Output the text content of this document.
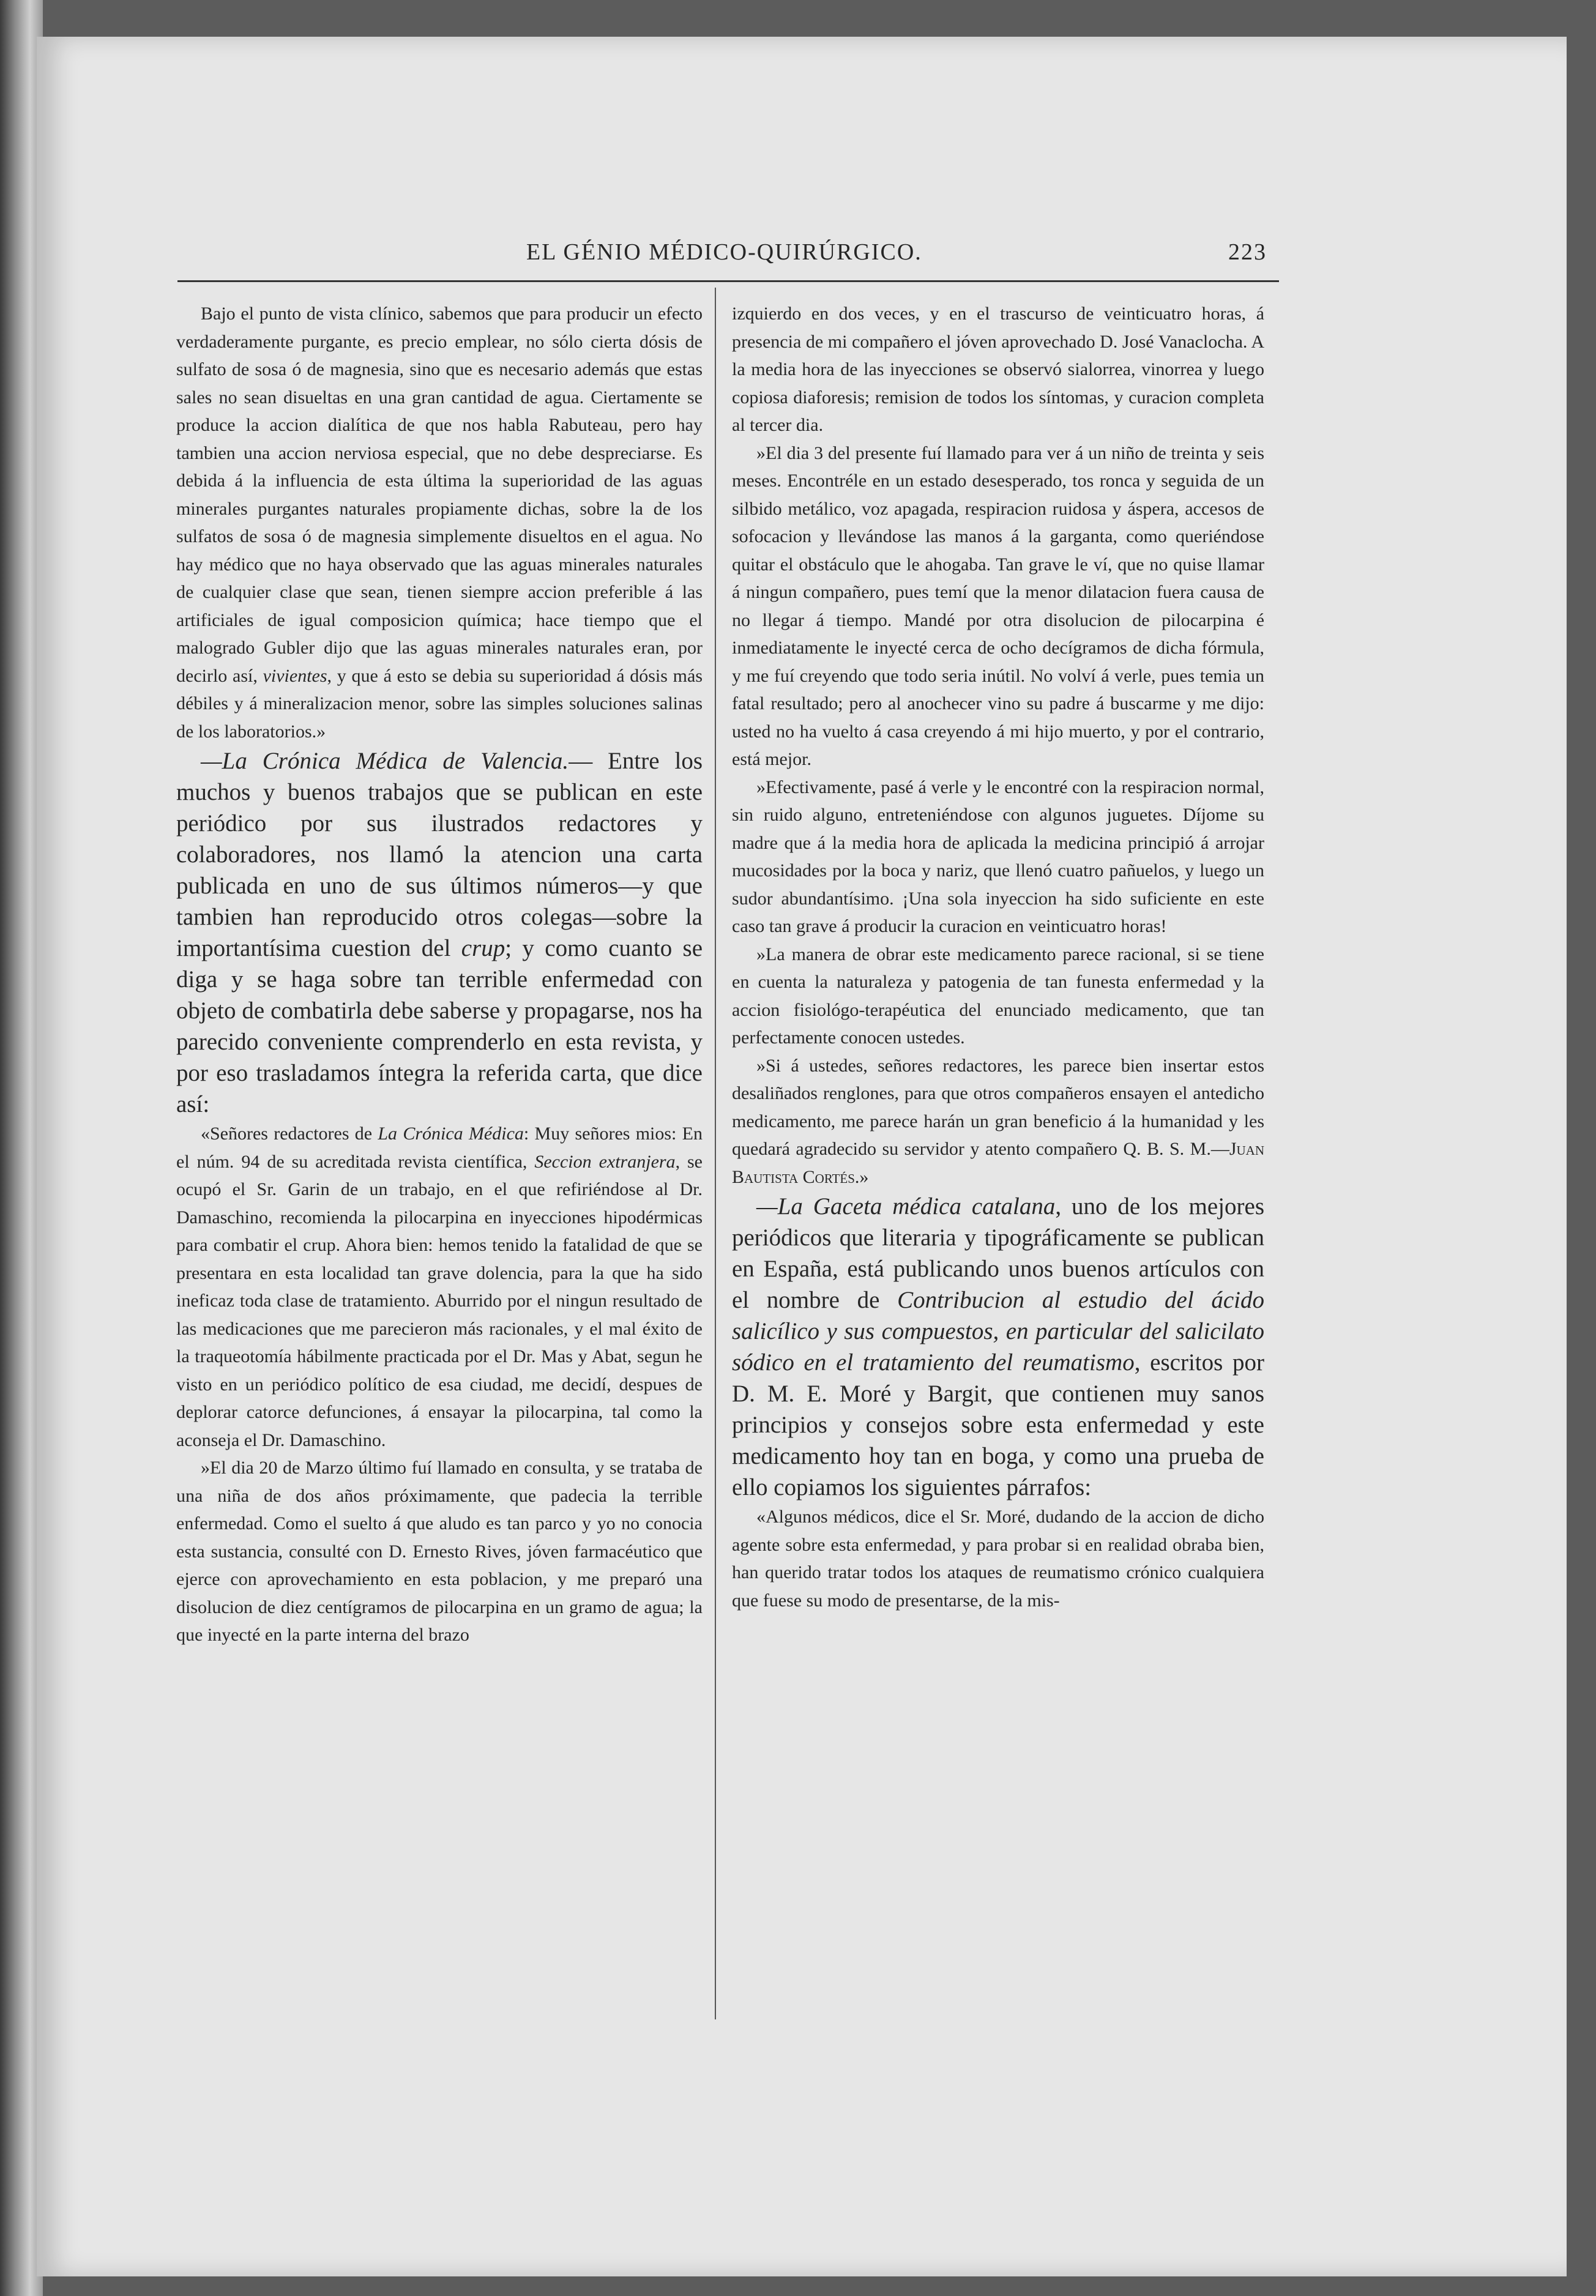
EL GÉNIO MÉDICO-QUIRÚRGICO.	223

Bajo el punto de vista clínico, sabemos que para producir un efecto verdaderamente purgante, es precio emplear, no sólo cierta dósis de sulfato de sosa ó de magnesia, sino que es necesario además que estas sales no sean disueltas en una gran cantidad de agua. Ciertamente se produce la accion dialítica de que nos habla Rabuteau, pero hay tambien una accion nerviosa especial, que no debe despreciarse. Es debida á la influencia de esta última la superioridad de las aguas minerales purgantes naturales propiamente dichas, sobre la de los sulfatos de sosa ó de magnesia simplemente disueltos en el agua. No hay médico que no haya observado que las aguas minerales naturales de cualquier clase que sean, tienen siempre accion preferible á las artificiales de igual composicion química; hace tiempo que el malogrado Gubler dijo que las aguas minerales naturales eran, por decirlo así, vivientes, y que á esto se debia su superioridad á dósis más débiles y á mineralizacion menor, sobre las simples soluciones salinas de los laboratorios.»

—La Crónica Médica de Valencia.— Entre los muchos y buenos trabajos que se publican en este periódico por sus ilustrados redactores y colaboradores, nos llamó la atencion una carta publicada en uno de sus últimos números—y que tambien han reproducido otros colegas—sobre la importantísima cuestion del crup; y como cuanto se diga y se haga sobre tan terrible enfermedad con objeto de combatirla debe saberse y propagarse, nos ha parecido conveniente comprenderlo en esta revista, y por eso trasladamos íntegra la referida carta, que dice así:

«Señores redactores de La Crónica Médica: Muy señores mios: En el núm. 94 de su acreditada revista científica, Seccion extranjera, se ocupó el Sr. Garin de un trabajo, en el que refiriéndose al Dr. Damaschino, recomienda la pilocarpina en inyecciones hipodérmicas para combatir el crup. Ahora bien: hemos tenido la fatalidad de que se presentara en esta localidad tan grave dolencia, para la que ha sido ineficaz toda clase de tratamiento. Aburrido por el ningun resultado de las medicaciones que me parecieron más racionales, y el mal éxito de la traqueotomía hábilmente practicada por el Dr. Mas y Abat, segun he visto en un periódico político de esa ciudad, me decidí, despues de deplorar catorce defunciones, á ensayar la pilocarpina, tal como la aconseja el Dr. Damaschino.

»El dia 20 de Marzo último fuí llamado en consulta, y se trataba de una niña de dos años próximamente, que padecia la terrible enfermedad. Como el suelto á que aludo es tan parco y yo no conocia esta sustancia, consulté con D. Ernesto Rives, jóven farmacéutico que ejerce con aprovechamiento en esta poblacion, y me preparó una disolucion de diez centígramos de pilocarpina en un gramo de agua; la que inyecté en la parte interna del brazo

izquierdo en dos veces, y en el trascurso de veinticuatro horas, á presencia de mi compañero el jóven aprovechado D. José Vanaclocha. A la media hora de las inyecciones se observó sialorrea, vinorrea y luego copiosa diaforesis; remision de todos los síntomas, y curacion completa al tercer dia.

»El dia 3 del presente fuí llamado para ver á un niño de treinta y seis meses. Encontréle en un estado desesperado, tos ronca y seguida de un silbido metálico, voz apagada, respiracion ruidosa y áspera, accesos de sofocacion y llevándose las manos á la garganta, como queriéndose quitar el obstáculo que le ahogaba. Tan grave le ví, que no quise llamar á ningun compañero, pues temí que la menor dilatacion fuera causa de no llegar á tiempo. Mandé por otra disolucion de pilocarpina é inmediatamente le inyecté cerca de ocho decígramos de dicha fórmula, y me fuí creyendo que todo seria inútil. No volví á verle, pues temia un fatal resultado; pero al anochecer vino su padre á buscarme y me dijo: usted no ha vuelto á casa creyendo á mi hijo muerto, y por el contrario, está mejor.

»Efectivamente, pasé á verle y le encontré con la respiracion normal, sin ruido alguno, entreteniéndose con algunos juguetes. Díjome su madre que á la media hora de aplicada la medicina principió á arrojar mucosidades por la boca y nariz, que llenó cuatro pañuelos, y luego un sudor abundantísimo. ¡Una sola inyeccion ha sido suficiente en este caso tan grave á producir la curacion en veinticuatro horas!

»La manera de obrar este medicamento parece racional, si se tiene en cuenta la naturaleza y patogenia de tan funesta enfermedad y la accion fisiológo-terapéutica del enunciado medicamento, que tan perfectamente conocen ustedes.

»Si á ustedes, señores redactores, les parece bien insertar estos desaliñados renglones, para que otros compañeros ensayen el antedicho medicamento, me parece harán un gran beneficio á la humanidad y les quedará agradecido su servidor y atento compañero Q. B. S. M.—Juan Bautista Cortés.»

—La Gaceta médica catalana, uno de los mejores periódicos que literaria y tipográficamente se publican en España, está publicando unos buenos artículos con el nombre de Contribucion al estudio del ácido salicílico y sus compuestos, en particular del salicilato sódico en el tratamiento del reumatismo, escritos por D. M. E. Moré y Bargit, que contienen muy sanos principios y consejos sobre esta enfermedad y este medicamento hoy tan en boga, y como una prueba de ello copiamos los siguientes párrafos:

«Algunos médicos, dice el Sr. Moré, dudando de la accion de dicho agente sobre esta enfermedad, y para probar si en realidad obraba bien, han querido tratar todos los ataques de reumatismo crónico cualquiera que fuese su modo de presentarse, de la mis-
